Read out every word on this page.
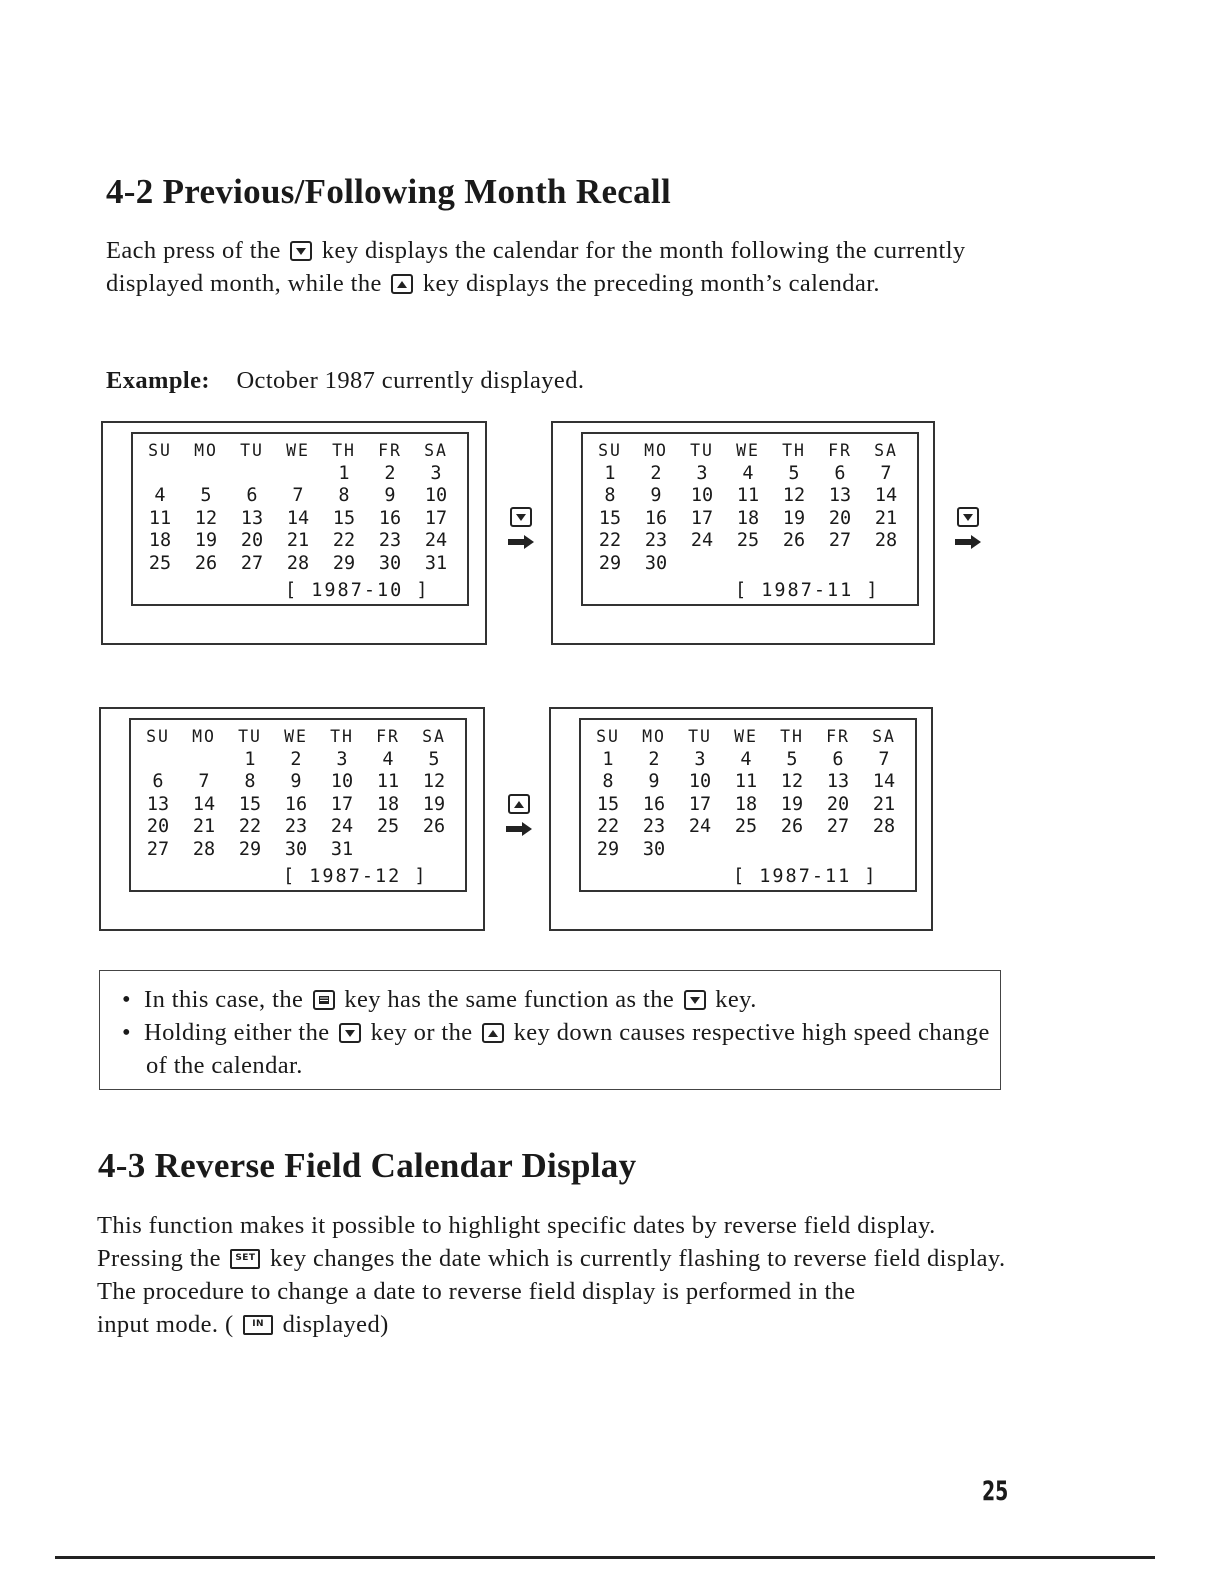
4-2 Previous/Following Month Recall
Each press of the key displays the calendar for the month following the currently displayed month, while the key displays the preceding month’s calendar.
Example: October 1987 currently displayed.
SU	MO	TU	WE	TH	FR	SA
				1	2	3
4	5	6	7	8	9	10
11	12	13	14	15	16	17
18	19	20	21	22	23	24
25	26	27	28	29	30	31
[ 1987-10 ]
SU	MO	TU	WE	TH	FR	SA
1	2	3	4	5	6	7
8	9	10	11	12	13	14
15	16	17	18	19	20	21
22	23	24	25	26	27	28
29	30					
[ 1987-11 ]
SU	MO	TU	WE	TH	FR	SA
		1	2	3	4	5
6	7	8	9	10	11	12
13	14	15	16	17	18	19
20	21	22	23	24	25	26
27	28	29	30	31		
[ 1987-12 ]
SU	MO	TU	WE	TH	FR	SA
1	2	3	4	5	6	7
8	9	10	11	12	13	14
15	16	17	18	19	20	21
22	23	24	25	26	27	28
29	30					
[ 1987-11 ]
•  In this case, the key has the same function as the key.
•  Holding either the key or the key down causes respective high speed change of the calendar.
4-3 Reverse Field Calendar Display
This function makes it possible to highlight specific dates by reverse field display.
Pressing the	SET key changes the date which is currently flashing to reverse field display.
The procedure to change a date to reverse field display is performed in the
input mode. (	IN displayed)
25
